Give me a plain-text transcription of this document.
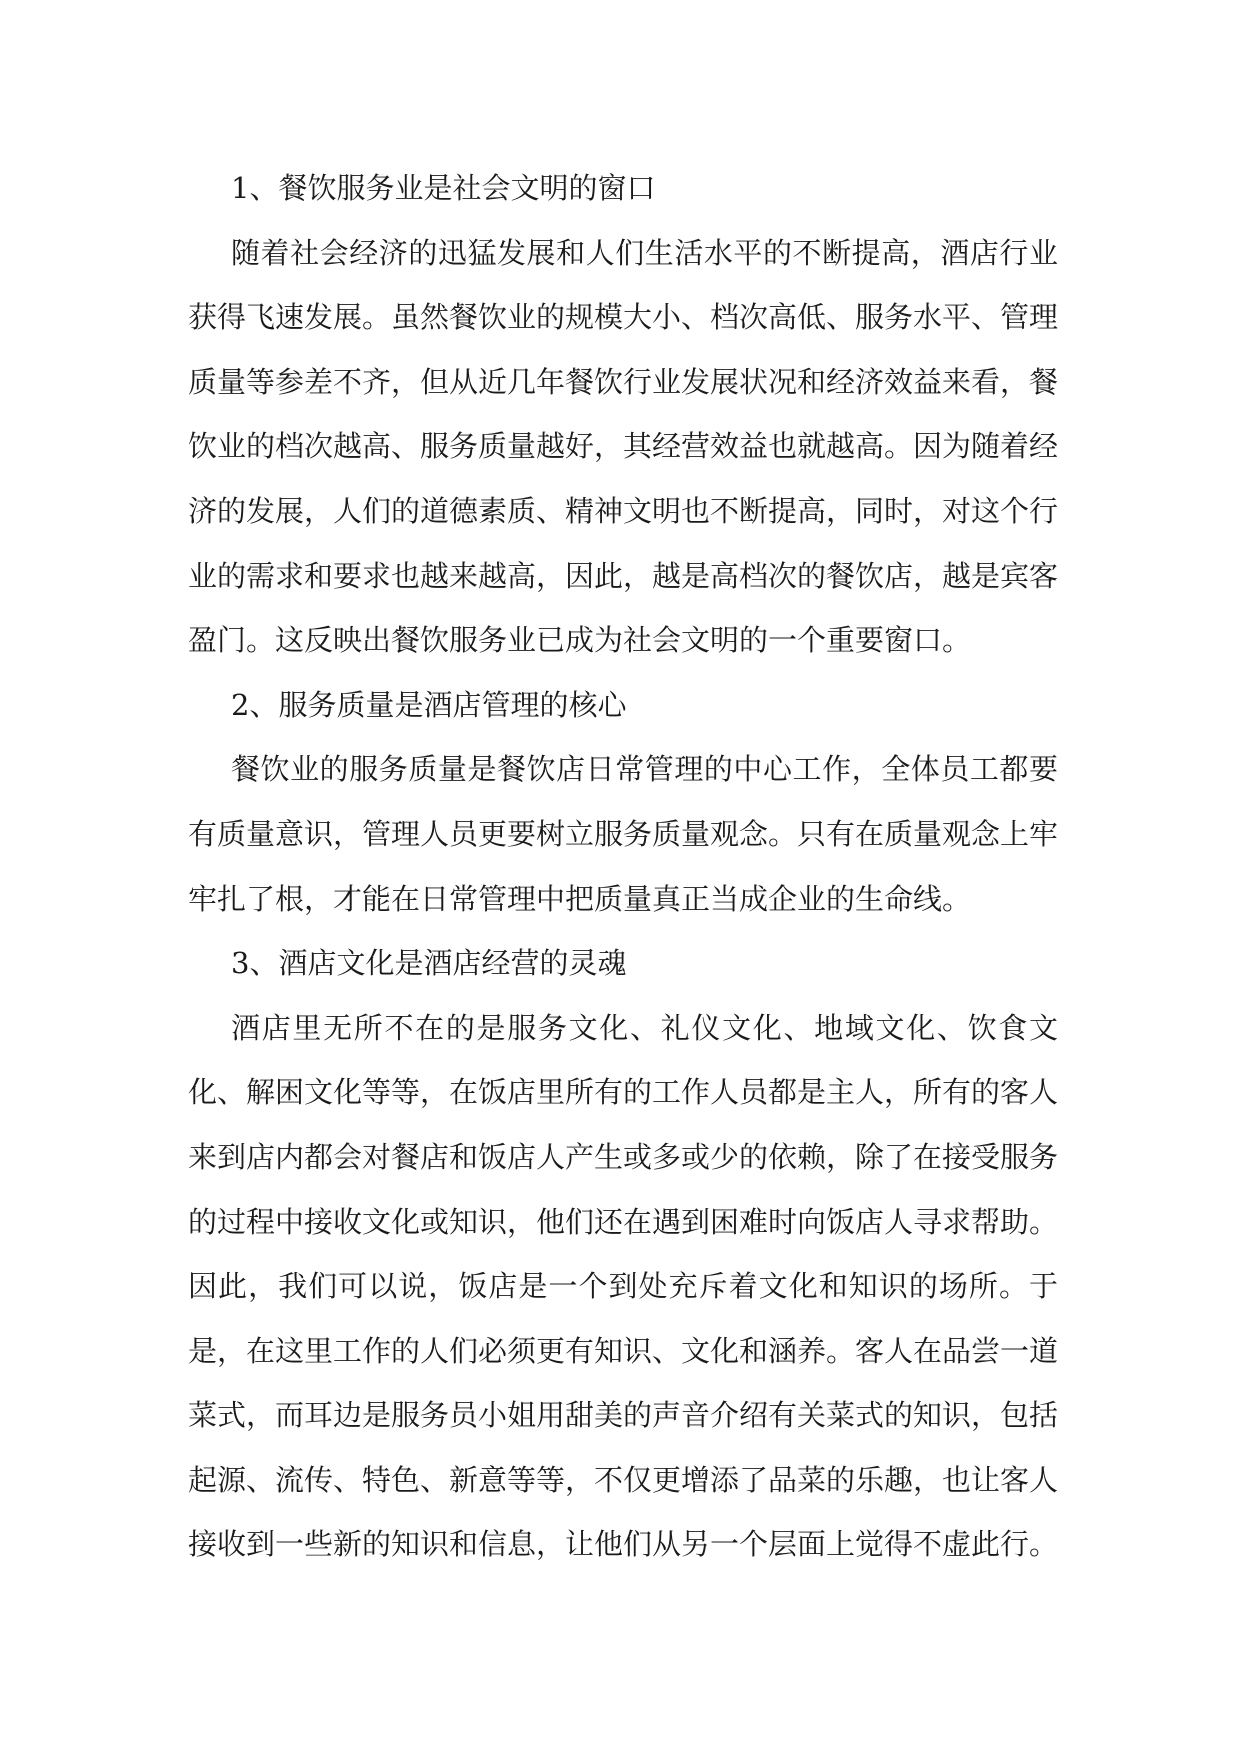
1、餐饮服务业是社会文明的窗口

随着社会经济的迅猛发展和人们生活水平的不断提高，酒店行业获得飞速发展。虽然餐饮业的规模大小、档次高低、服务水平、管理质量等参差不齐，但从近几年餐饮行业发展状况和经济效益来看，餐饮业的档次越高、服务质量越好，其经营效益也就越高。因为随着经济的发展，人们的道德素质、精神文明也不断提高，同时，对这个行业的需求和要求也越来越高，因此，越是高档次的餐饮店，越是宾客盈门。这反映出餐饮服务业已成为社会文明的一个重要窗口。

2、服务质量是酒店管理的核心

餐饮业的服务质量是餐饮店日常管理的中心工作，全体员工都要有质量意识，管理人员更要树立服务质量观念。只有在质量观念上牢牢扎了根，才能在日常管理中把质量真正当成企业的生命线。

3、酒店文化是酒店经营的灵魂

酒店里无所不在的是服务文化、礼仪文化、地域文化、饮食文化、解困文化等等，在饭店里所有的工作人员都是主人，所有的客人来到店内都会对餐店和饭店人产生或多或少的依赖，除了在接受服务的过程中接收文化或知识，他们还在遇到困难时向饭店人寻求帮助。因此，我们可以说，饭店是一个到处充斥着文化和知识的场所。于是，在这里工作的人们必须更有知识、文化和涵养。客人在品尝一道菜式，而耳边是服务员小姐用甜美的声音介绍有关菜式的知识，包括起源、流传、特色、新意等等，不仅更增添了品菜的乐趣，也让客人接收到一些新的知识和信息，让他们从另一个层面上觉得不虚此行。
